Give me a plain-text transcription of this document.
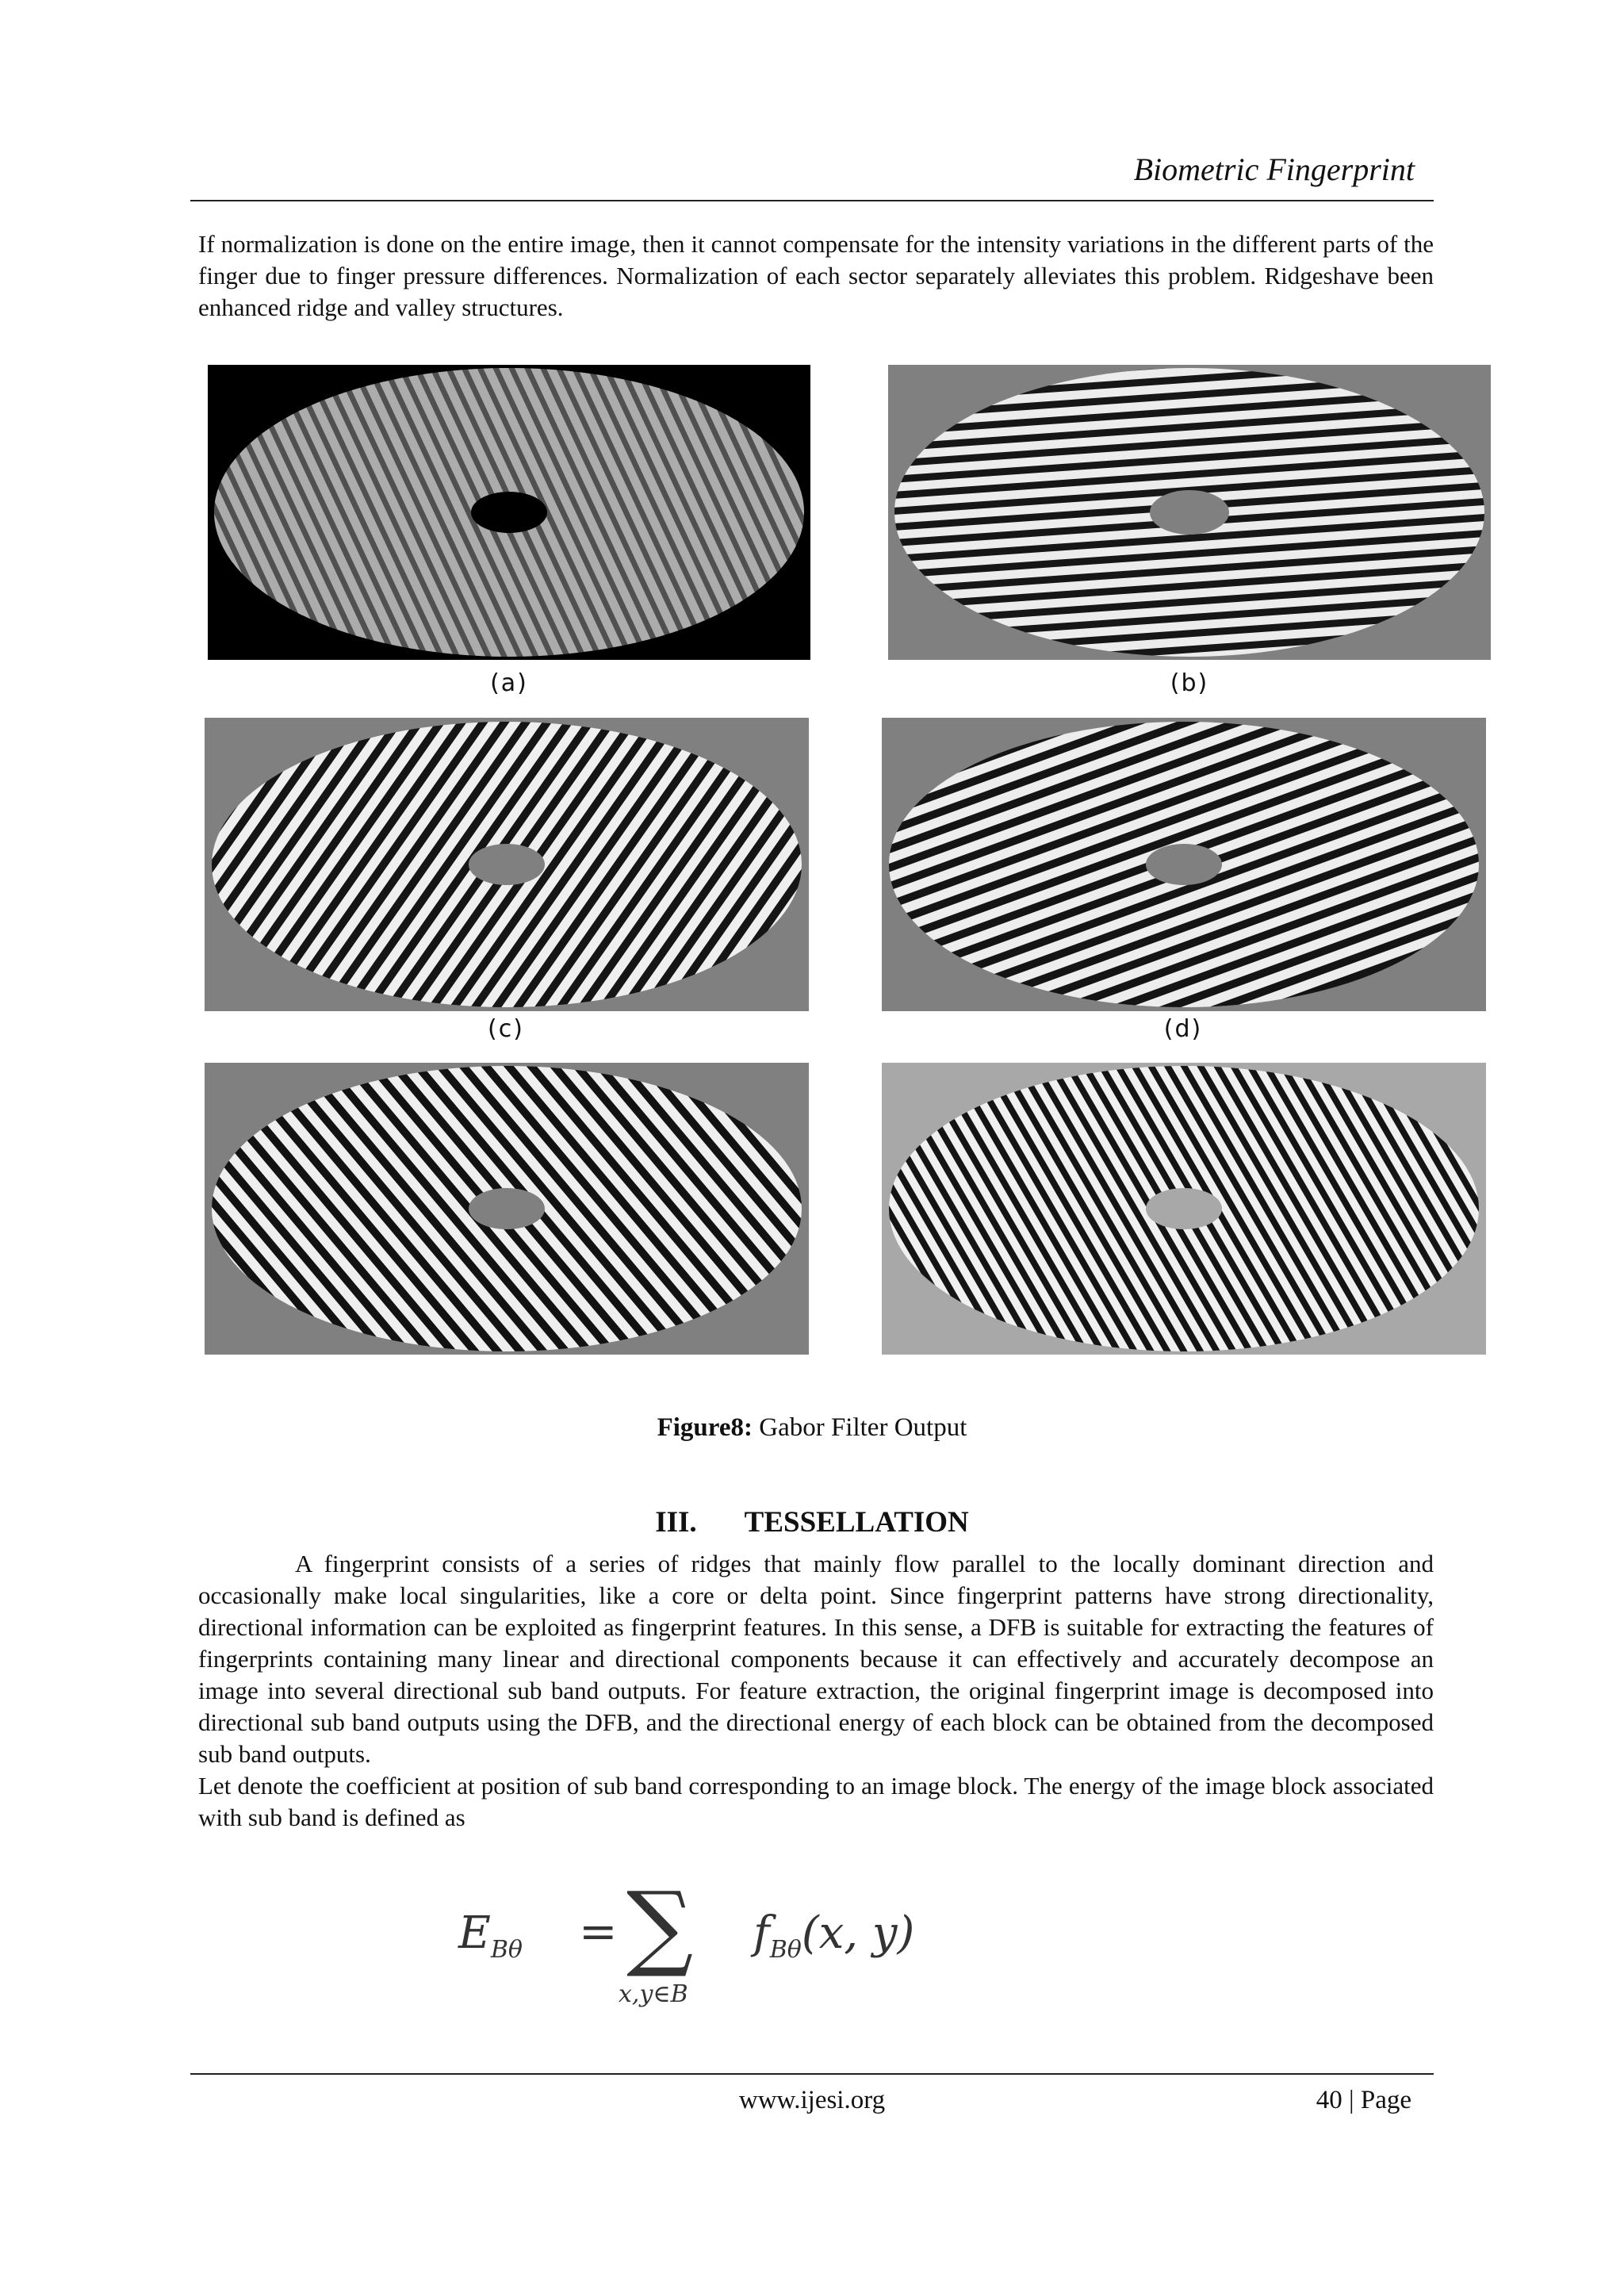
Biometric Fingerprint

If normalization is done on the entire image, then it cannot compensate for the intensity variations in the different parts of the finger due to finger pressure differences. Normalization of each sector separately alleviates this problem. Ridgeshave been enhanced ridge and valley structures.

(a)	(b)
(c)	(d)
Figure8: Gabor Filter Output
III. TESSELLATION

A fingerprint consists of a series of ridges that mainly flow parallel to the locally dominant direction and occasionally make local singularities, like a core or delta point. Since fingerprint patterns have strong directionality, directional information can be exploited as fingerprint features. In this sense, a DFB is suitable for extracting the features of fingerprints containing many linear and directional components because it can effectively and accurately decompose an image into several directional sub band outputs. For feature extraction, the original fingerprint image is decomposed into directional sub band outputs using the DFB, and the directional energy of each block can be obtained from the decomposed sub band outputs.

Let denote the coefficient at position of sub band corresponding to an image block. The energy of the image block associated with sub band is defined as

$E_{B\theta}$ = ∑
x,y∈B
$f_{B\theta}(x$, y)
www.ijesi.org	40 | Page
